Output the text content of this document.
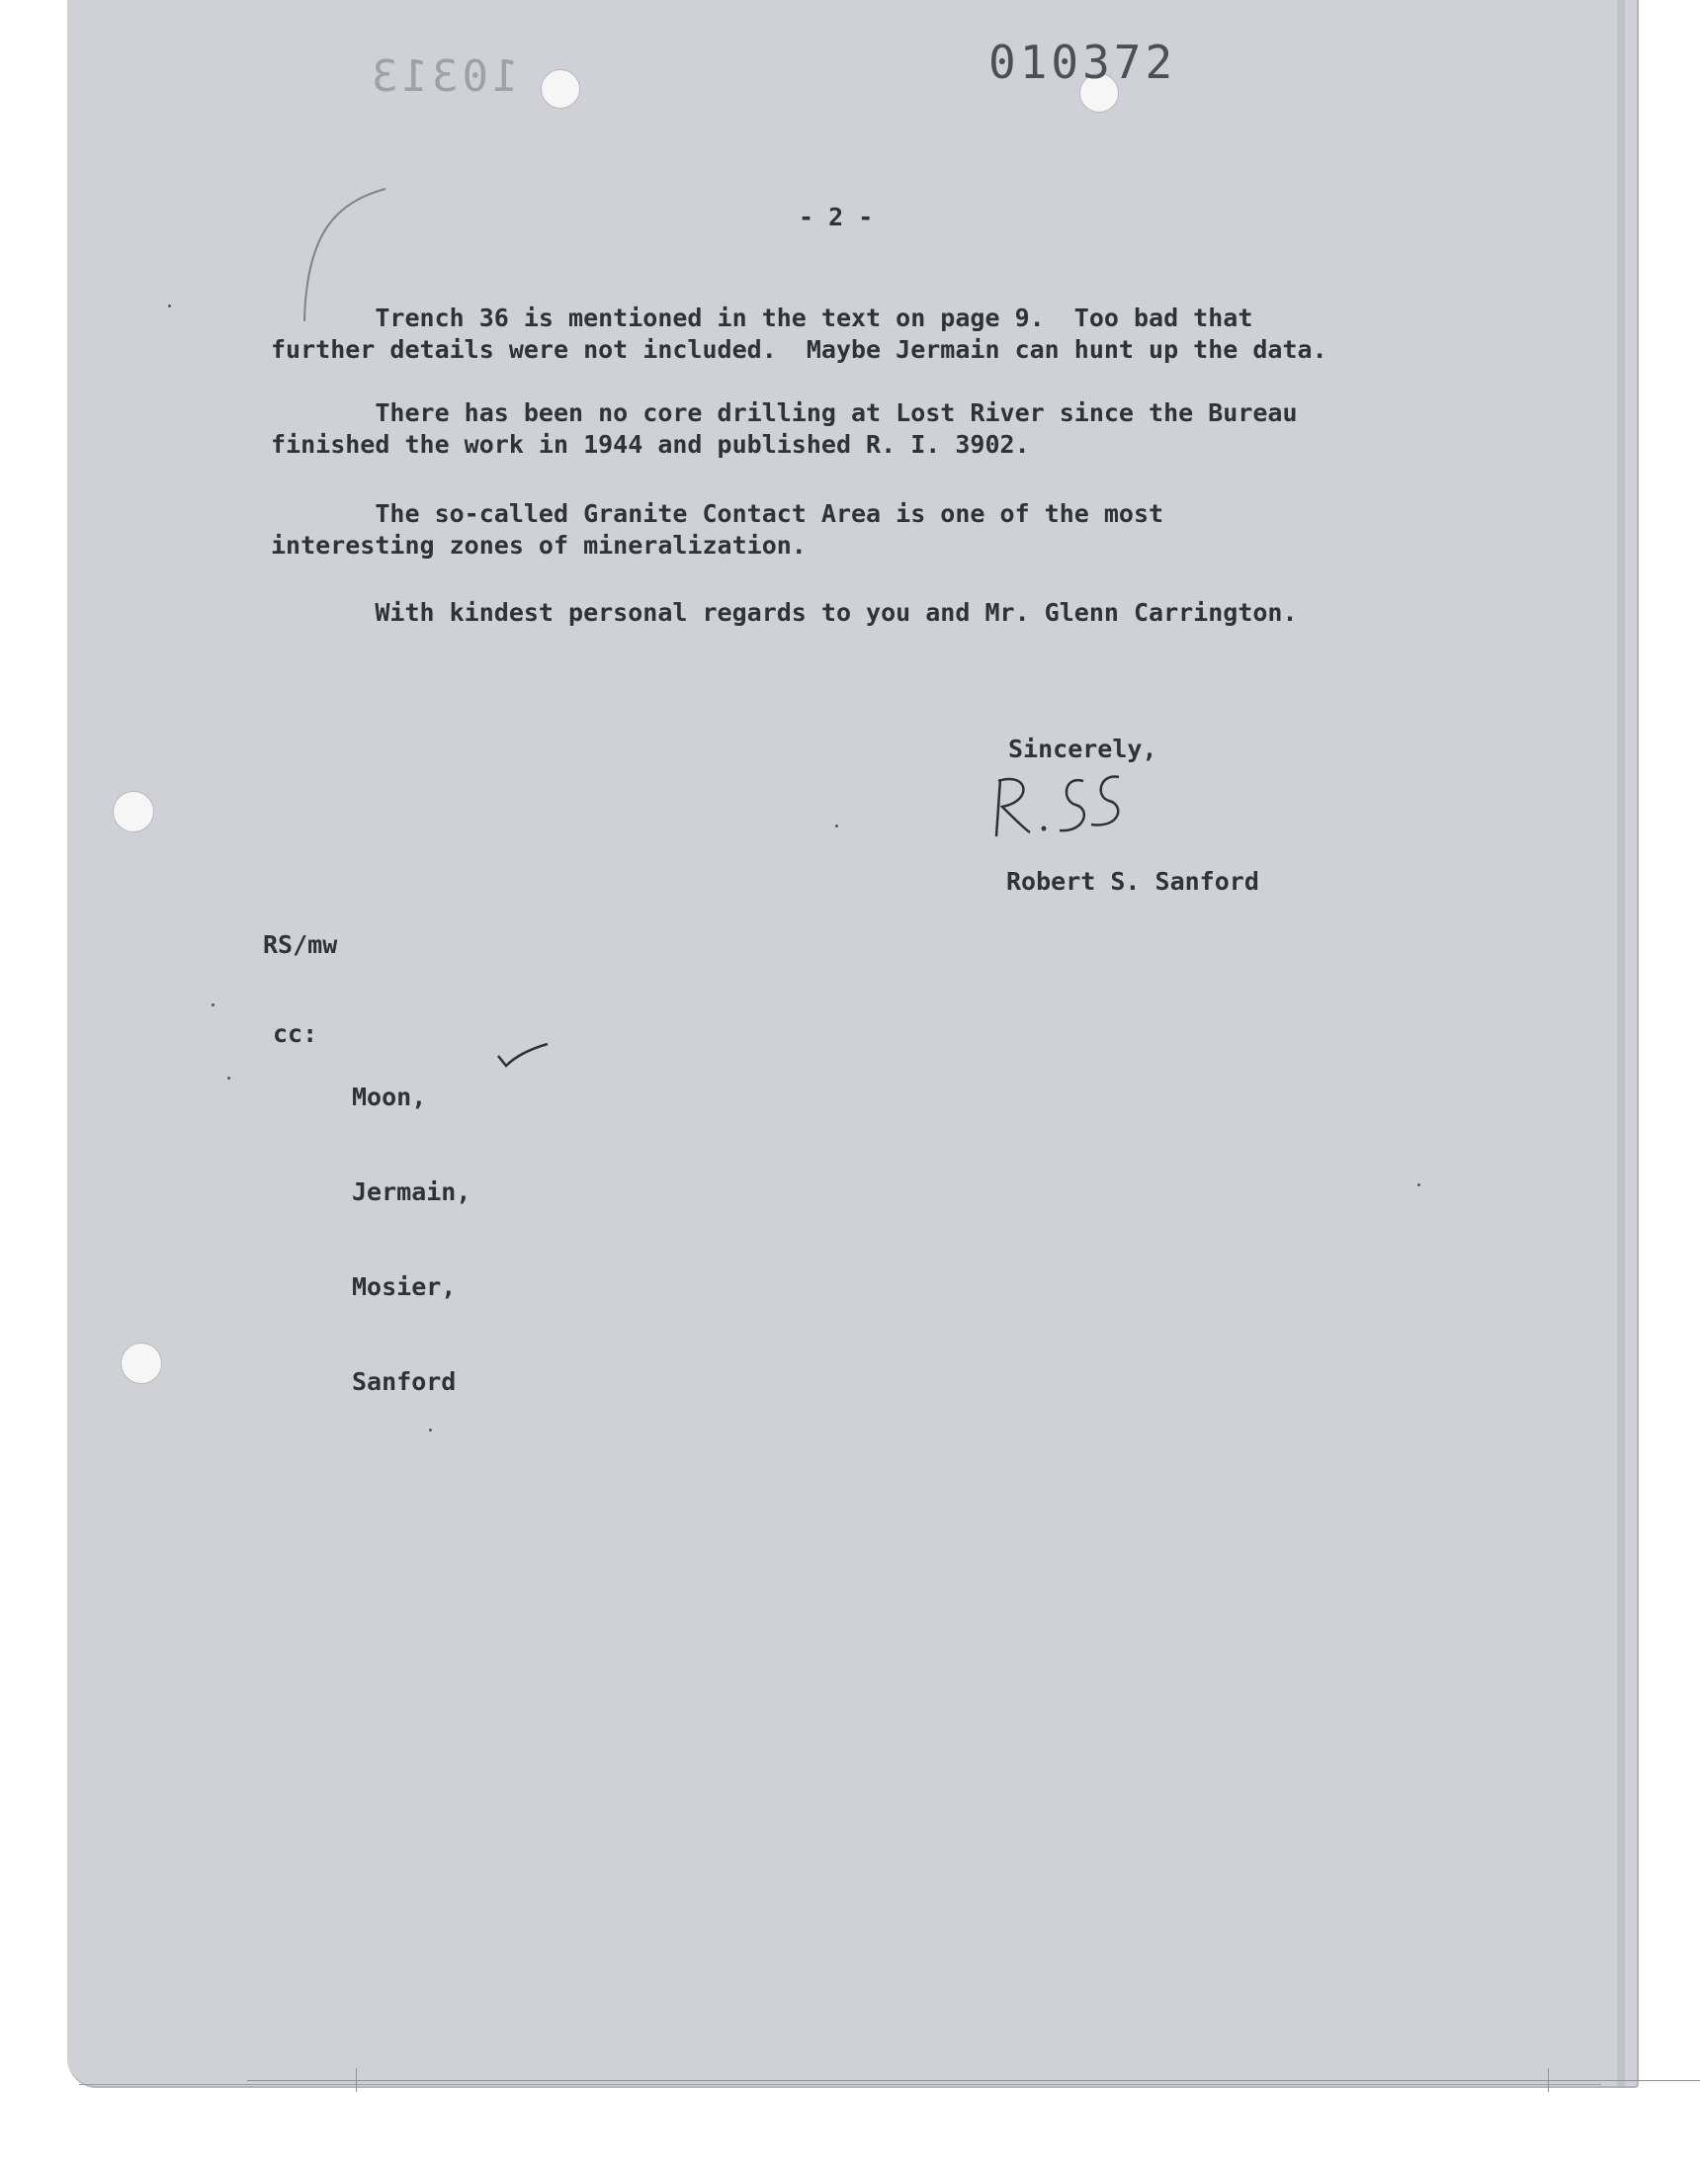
10313	010372
- 2 -
Trench 36 is mentioned in the text on page 9.  Too bad that
further details were not included.  Maybe Jermain can hunt up the data.
There has been no core drilling at Lost River since the Bureau
finished the work in 1944 and published R. I. 3902.
The so-called Granite Contact Area is one of the most
interesting zones of mineralization.
With kindest personal regards to you and Mr. Glenn Carrington.
Sincerely,
Robert S. Sanford
RS/mw
cc:

Moon,

Jermain,

Mosier,

Sanford
